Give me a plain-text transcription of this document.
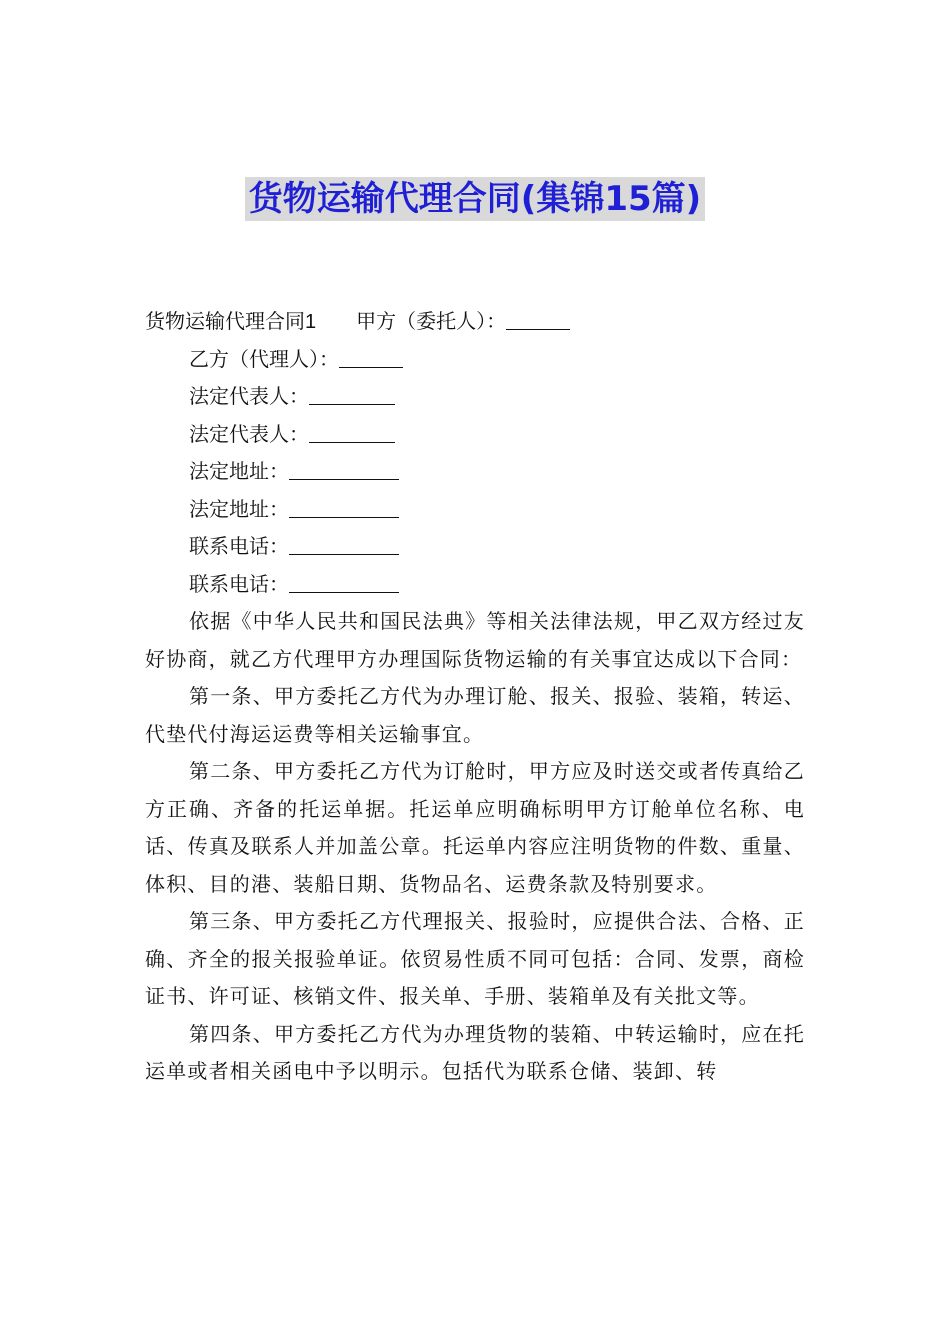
货物运输代理合同(集锦15篇)
货物运输代理合同1 甲方（委托人）：
乙方（代理人）：
法定代表人：
法定代表人：
法定地址：
法定地址：
联系电话：
联系电话：

依据《中华人民共和国民法典》等相关法律法规，甲乙双方经过友好协商，就乙方代理甲方办理国际货物运输的有关事宜达成以下合同：

第一条、甲方委托乙方代为办理订舱、报关、报验、装箱，转运、代垫代付海运运费等相关运输事宜。

第二条、甲方委托乙方代为订舱时，甲方应及时送交或者传真给乙方正确、齐备的托运单据。托运单应明确标明甲方订舱单位名称、电话、传真及联系人并加盖公章。托运单内容应注明货物的件数、重量、体积、目的港、装船日期、货物品名、运费条款及特别要求。

第三条、甲方委托乙方代理报关、报验时，应提供合法、合格、正确、齐全的报关报验单证。依贸易性质不同可包括：合同、发票，商检证书、许可证、核销文件、报关单、手册、装箱单及有关批文等。

第四条、甲方委托乙方代为办理货物的装箱、中转运输时，应在托运单或者相关函电中予以明示。包括代为联系仓储、装卸、转
